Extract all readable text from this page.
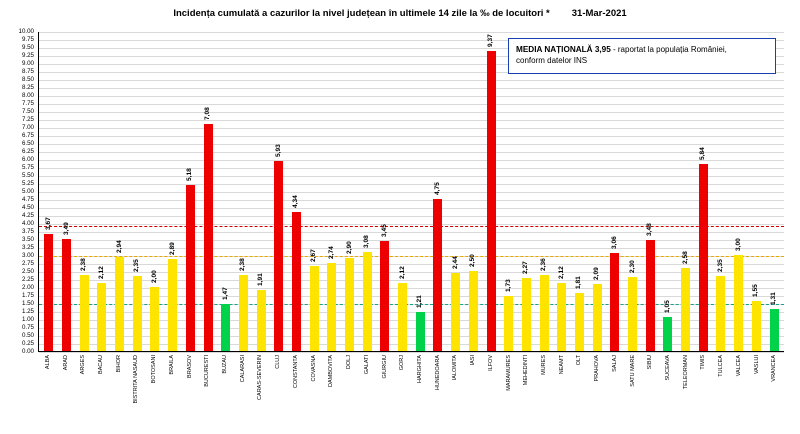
Incidența cumulată a cazurilor la nivel județean în ultimele 14 zile la ‰ de locuitori * 31-Mar-2021
0.00
0.25
0.50
0.75
1.00
1.25
1.50
1.75
2.00
2.25
2.50
2.75
3.00
3.25
3.50
3.75
4.00
4.25
4.50
4.75
5.00
5.25
5.50
5.75
6.00
6.25
6.50
6.75
7.00
7.25
7.50
7.75
8.00
8.25
8.50
8.75
9.00
9.25
9.50
9.75
10.00
3,67 3,49
2,38
2,12
2,94
2,35
2,00
2,89
5,18
7,08
1,47
2,38
1,91
5,93
4,34
2,67 2,74 2,90 3,08
3,45
2,12
1,21
4,75
2,44 2,50
9,37
1,73
2,27 2,36
2,12
1,81
2,09
3,06
2,30
3,48
1,05
2,58
5,84
2,35
3,00
1,55
1,31
ALBA ARAD ARGES BACAU BIHOR BISTRITA NASAUD BOTOSANI BRAILA BRASOV BUCURESTI BUZAU CALARASI CARAS-SEVERIN CLUJ CONSTANTA COVASNA DAMBOVITA DOLJ GALATI GIURGIU GORJ HARGHITA HUNEDOARA IALOMITA IASI ILFOV MARAMURES MEHEDINTI MURES NEAMT OLT PRAHOVA SALAJ SATU MARE SIBIU SUCEAVA TELEORMAN TIMIS TULCEA VALCEA VASLUI VRANCEA
MEDIA NAȚIONALĂ 3,95 - raportat la populația României,
conform datelor INS
